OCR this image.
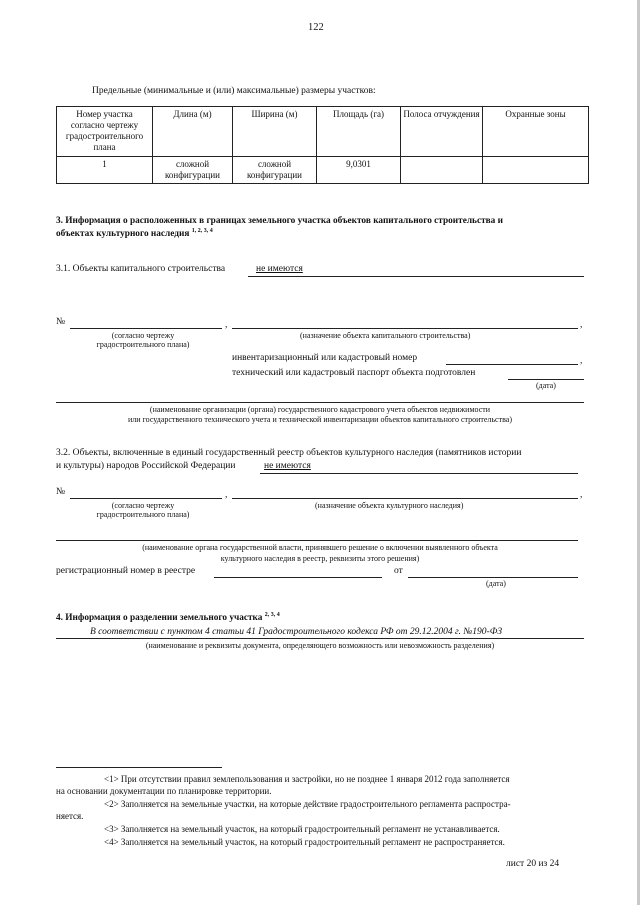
122
Предельные (минимальные и (или) максимальные) размеры участков:
Номер участка согласно чертежу градостроительного плана	Длина (м)	Ширина (м)	Площадь (га)	Полоса отчуждения	Охранные зоны
1	сложной конфигурации	сложной конфигурации	9,0301		
3. Информация о расположенных в границах земельного участка объектов капитального строительства и
объектах культурного наследия $^{1, 2, 3, 4}$
3.1. Объекты капитального строительства	не имеются
№	,	,
(согласно чертежу
градостроительного плана)
(назначение объекта капитального строительства)
инвентаризационный или кадастровый номер	,
технический или кадастровый паспорт объекта подготовлен
(дата)
(наименование организации (органа) государственного кадастрового учета объектов недвижимости
или государственного технического учета и технической инвентаризации объектов капитального строительства)
3.2. Объекты, включенные в единый государственный реестр объектов культурного наследия (памятников истории
и культуры) народов Российской Федерации	не имеются
№	,	,
(согласно чертежу
градостроительного плана)
(назначение объекта культурного наследия)
(наименование органа государственной власти, принявшего решение о включении выявленного объекта
культурного наследия в реестр, реквизиты этого решения)
регистрационный номер в реестре	от
(дата)
4. Информация о разделении земельного участка $^{2, 3, 4}$
В соответствии с пунктом 4 статьи 41 Градостроительного кодекса РФ от 29.12.2004 г. №190-ФЗ
(наименование и реквизиты документа, определяющего возможность или невозможность разделения)
<1> При отсутствии правил землепользования и застройки, но не позднее 1 января 2012 года заполняется
на основании документации по планировке территории.
<2> Заполняется на земельные участки, на которые действие градостроительного регламента распростра-
няется.
<3> Заполняется на земельный участок, на который градостроительный регламент не устанавливается.
<4> Заполняется на земельный участок, на который градостроительный регламент не распространяется.
лист 20 из 24
